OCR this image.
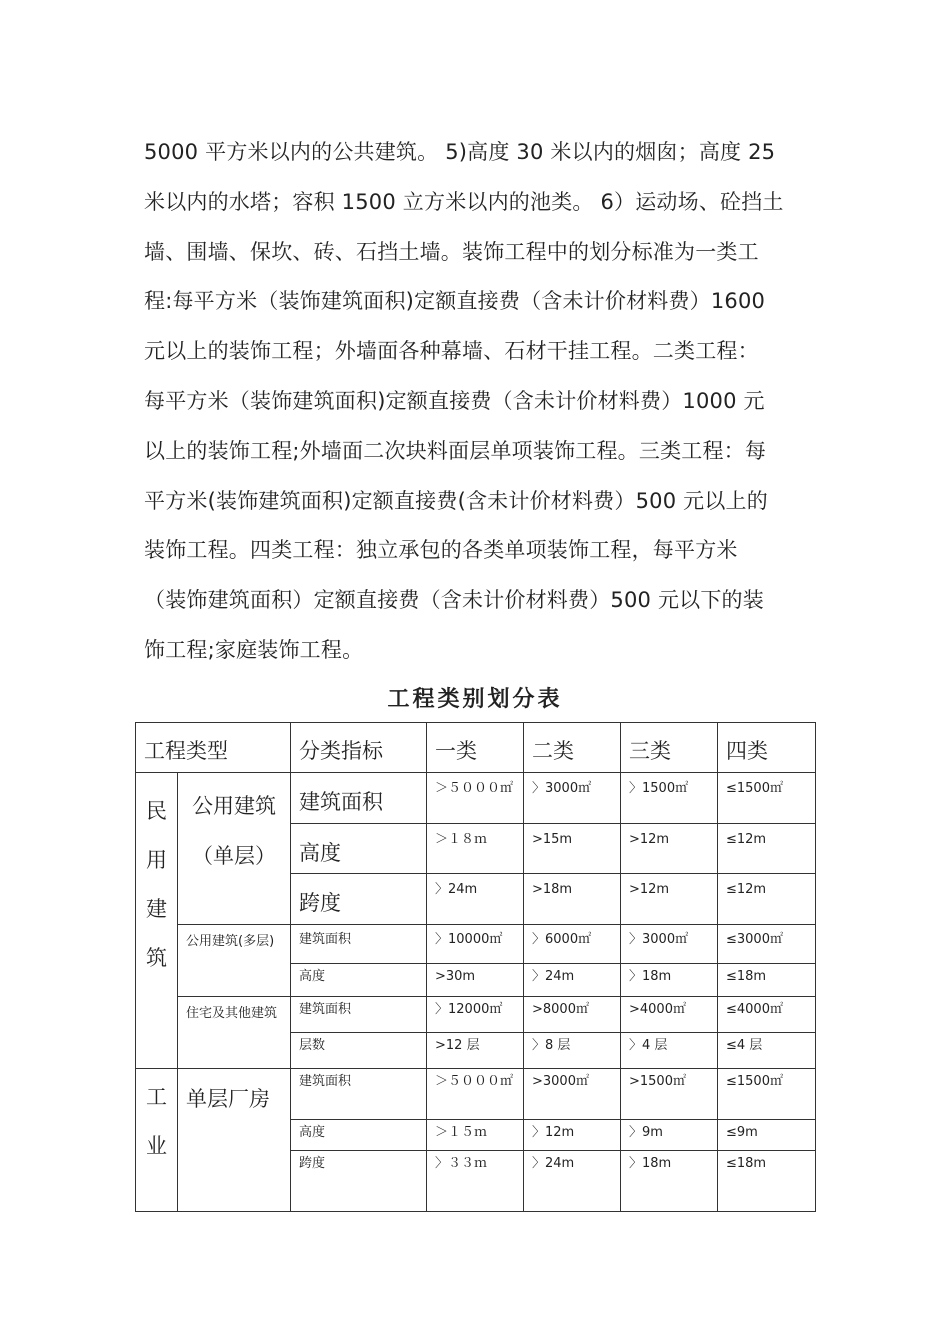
5000 平方米以内的公共建筑。 5)高度 30 米以内的烟囱；高度 25
米以内的水塔；容积 1500 立方米以内的池类。 6）运动场、砼挡土
墙、围墙、保坎、砖、石挡土墙。装饰工程中的划分标准为一类工
程:每平方米（装饰建筑面积)定额直接费（含未计价材料费）1600
元以上的装饰工程；外墙面各种幕墙、石材干挂工程。二类工程：
每平方米（装饰建筑面积)定额直接费（含未计价材料费）1000 元
以上的装饰工程;外墙面二次块料面层单项装饰工程。三类工程：每
平方米(装饰建筑面积)定额直接费(含未计价材料费）500 元以上的
装饰工程。四类工程：独立承包的各类单项装饰工程，每平方米
（装饰建筑面积）定额直接费（含未计价材料费）500 元以下的装
饰工程;家庭装饰工程。
工程类别划分表
工程类型		分类指标	一类	二类	三类	四类

民
用
建
筑	公用建筑
（单层）	建筑面积	＞５０００㎡	〉3000㎡	〉1500㎡	≤1500㎡
		高度	＞１８ｍ	>15m	>12m	≤12m
		跨度	〉24m	>18m	>12m	≤12m
	公用建筑(多层)	建筑面积	〉10000㎡	〉6000㎡	〉3000㎡	≤3000㎡
		高度	>30m	〉24m	〉18m	≤18m
	住宅及其他建筑	建筑面积	〉12000㎡	>8000㎡	>4000㎡	≤4000㎡
		层数	>12 层	〉8 层	〉4 层	≤4 层

工
业	单层厂房	建筑面积	＞５０００㎡	>3000㎡	>1500㎡	≤1500㎡
		高度	＞１５ｍ	〉12m	〉9m	≤9m
		跨度	〉３３ｍ	〉24m	〉18m	≤18m
